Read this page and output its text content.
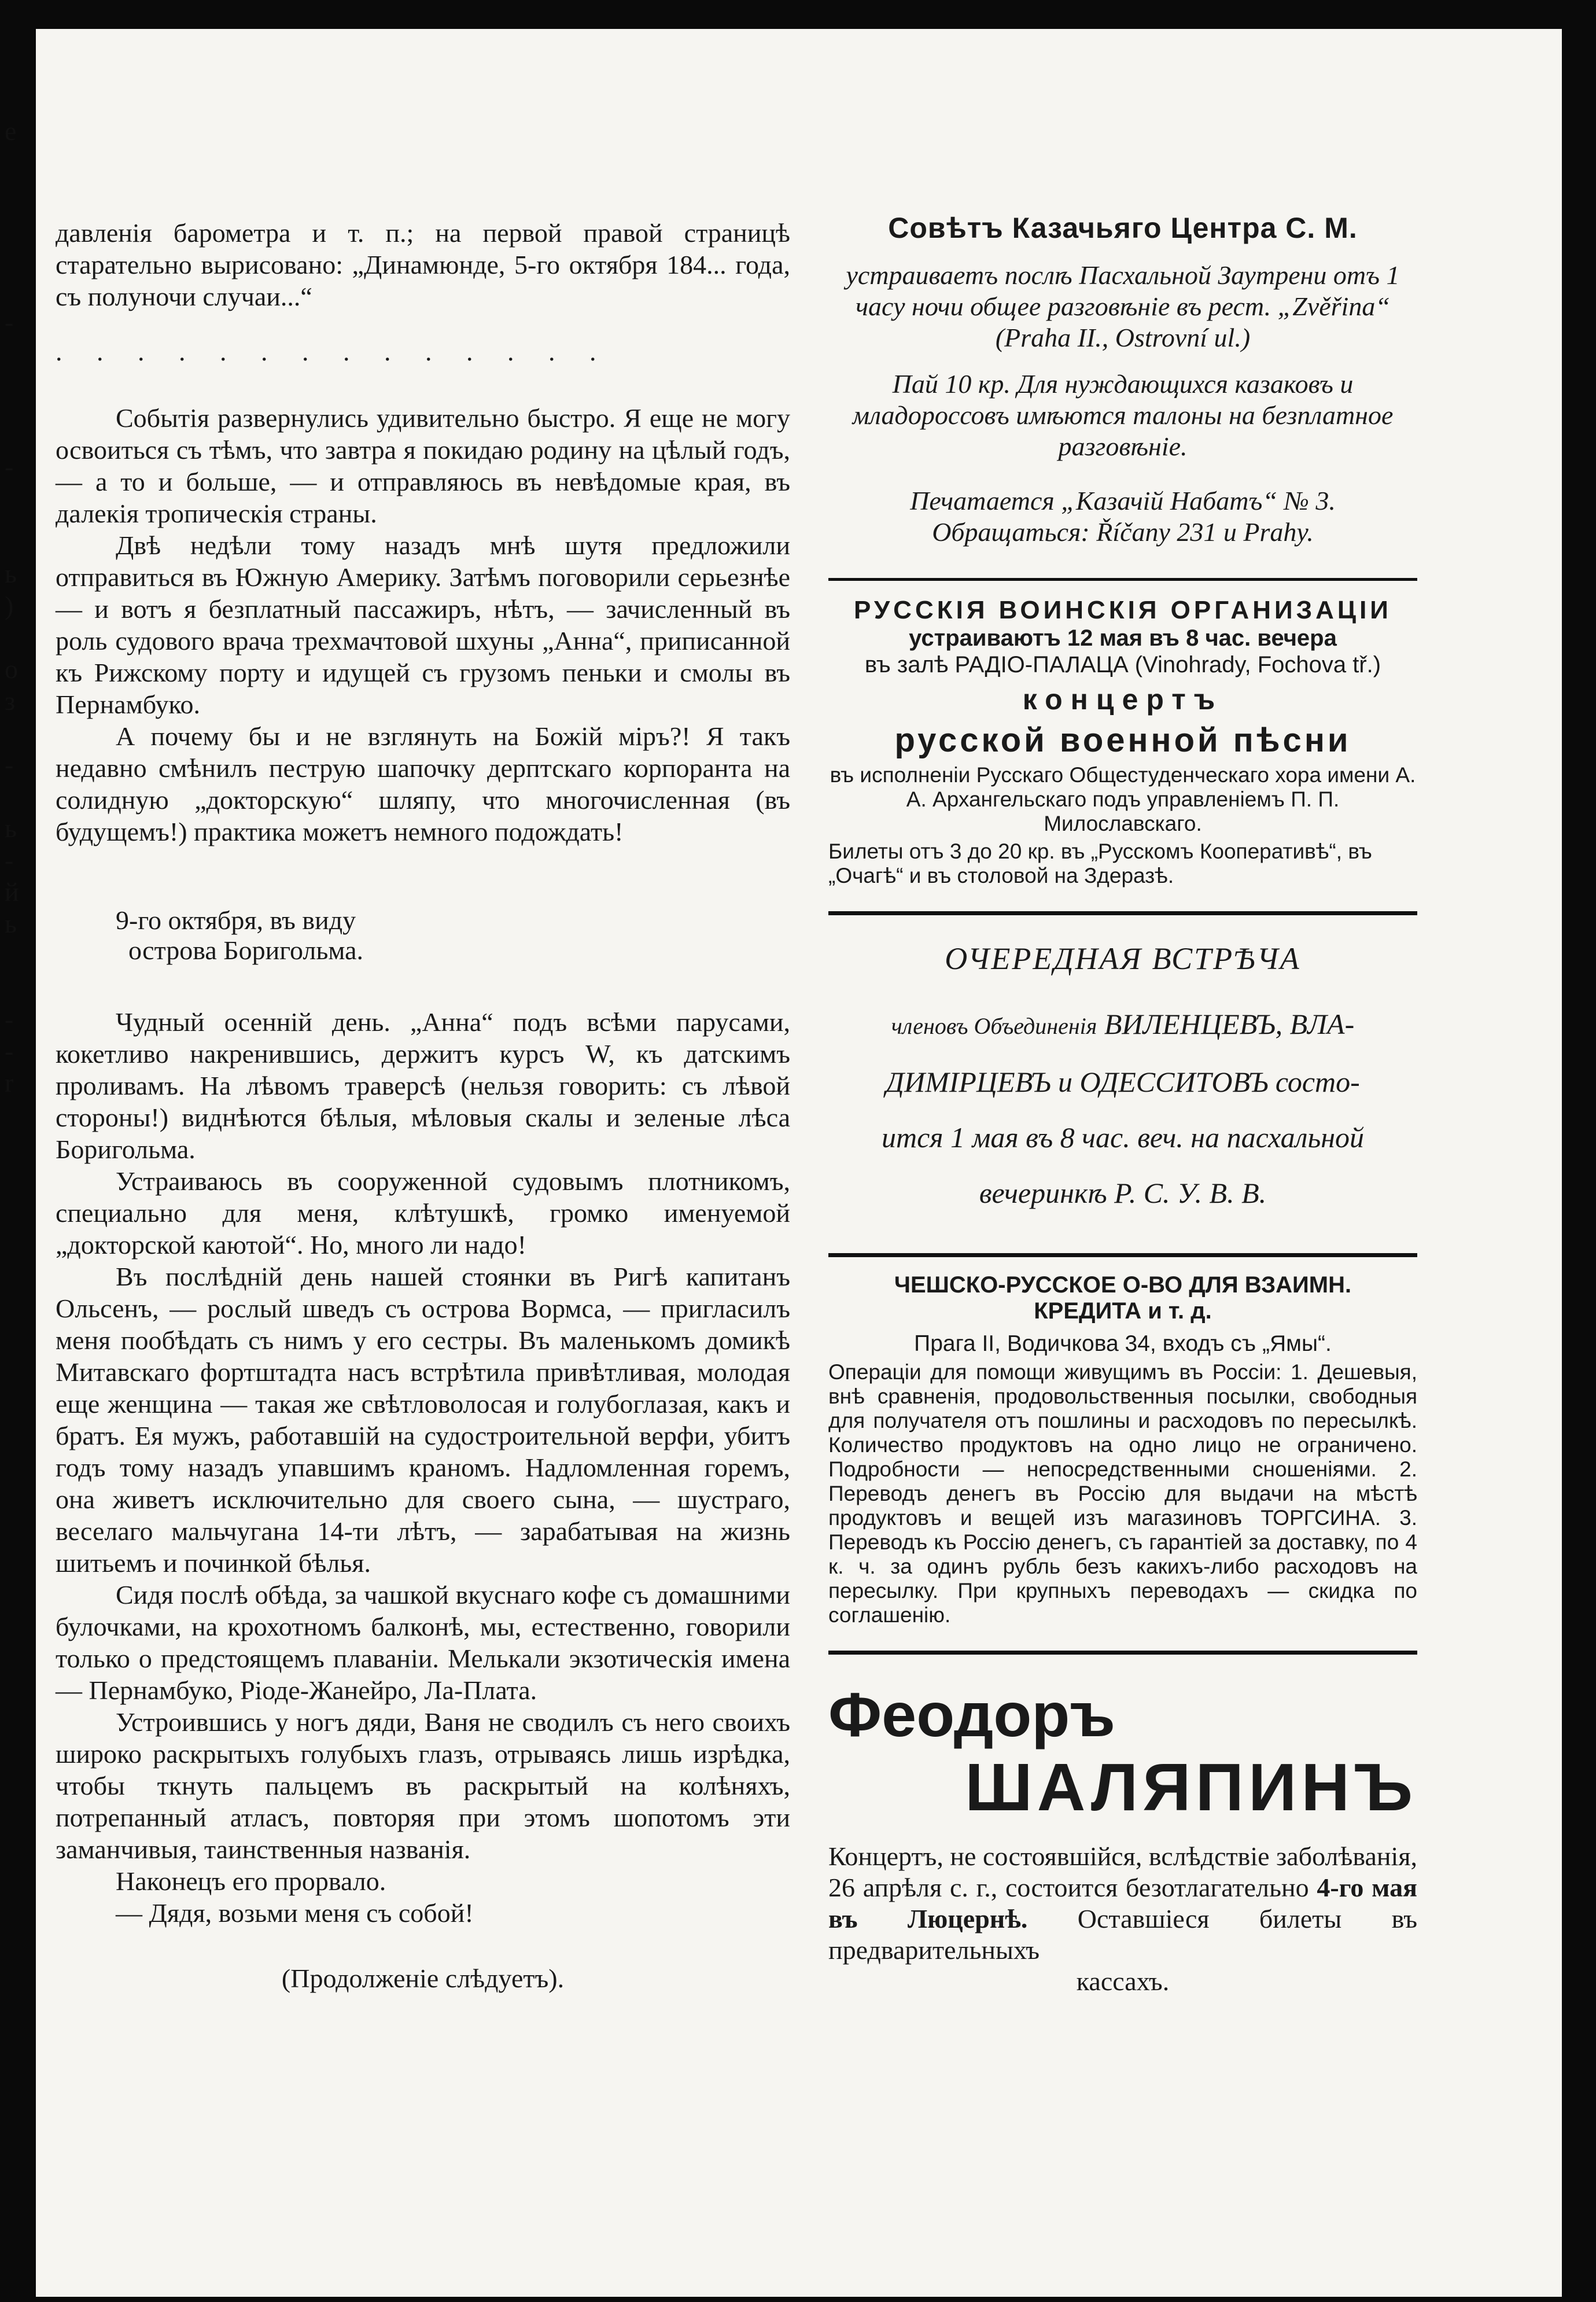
е
-
-
ь
)
о
з
-
ь
-
й
ь
-
-
r

давленія барометра и т. п.; на первой правой страницѣ старательно вырисовано: „Динамюнде, 5-го октября 184... года, съ полуночи случаи...“

. . . . . . . . . . . . . .

Событія развернулись удивительно быстро. Я еще не могу освоиться съ тѣмъ, что завтра я покидаю родину на цѣлый годъ, — а то и больше, — и отправляюсь въ невѣдомые края, въ далекія тропическія страны.

Двѣ недѣли тому назадъ мнѣ шутя предложили отправиться въ Южную Америку. Затѣмъ поговорили серьезнѣе — и вотъ я безплатный пассажиръ, нѣтъ, — зачисленный въ роль судового врача трехмачтовой шхуны „Анна“, приписанной къ Рижскому порту и идущей съ грузомъ пеньки и смолы въ Пернамбуко.

А почему бы и не взглянуть на Божій міръ?! Я такъ недавно смѣнилъ пеструю шапочку дерптскаго корпоранта на солидную „докторскую“ шляпу, что многочисленная (въ будущемъ!) практика можетъ немного подождать!

9-го октября, въ виду

острова Боригольма.

Чудный осенній день. „Анна“ подъ всѣми парусами, кокетливо накренившись, держитъ курсъ W, къ датскимъ проливамъ. На лѣвомъ траверсѣ (нельзя говорить: съ лѣвой стороны!) виднѣются бѣлыя, мѣловыя скалы и зеленые лѣса Боригольма.

Устраиваюсь въ сооруженной судовымъ плотникомъ, специально для меня, клѣтушкѣ, громко именуемой „докторской каютой“. Но, много ли надо!

Въ послѣдній день нашей стоянки въ Ригѣ капитанъ Ольсенъ, — рослый шведъ съ острова Вормса, — пригласилъ меня пообѣдать съ нимъ у его сестры. Въ маленькомъ домикѣ Митавскаго фортштадта насъ встрѣтила привѣтливая, молодая еще женщина — такая же свѣтловолосая и голубоглазая, какъ и братъ. Ея мужъ, работавшій на судостроительной верфи, убитъ годъ тому назадъ упавшимъ краномъ. Надломленная горемъ, она живетъ исключительно для своего сына, — шустраго, веселаго мальчугана 14-ти лѣтъ, — зарабатывая на жизнь шитьемъ и починкой бѣлья.

Сидя послѣ обѣда, за чашкой вкуснаго кофе съ домашними булочками, на крохотномъ балконѣ, мы, естественно, говорили только о предстоящемъ плаваніи. Мелькали экзотическія имена — Пернамбуко, Ріоде-Жанейро, Ла-Плата.

Устроившись у ногъ дяди, Ваня не сводилъ съ него своихъ широко раскрытыхъ голубыхъ глазъ, отрываясь лишь изрѣдка, чтобы ткнуть пальцемъ въ раскрытый на колѣняхъ, потрепанный атласъ, повторяя при этомъ шопотомъ эти заманчивыя, таинственныя названія.

Наконецъ его прорвало.

— Дядя, возьми меня съ собой!

(Продолженіе слѣдуетъ).

Совѣтъ Казачьяго Центра С. М.

устраиваетъ послѣ Пасхальной Заутрени отъ 1 часу ночи общее разговѣніе въ рест. „Zvěřina“ (Praha II., Ostrovní ul.)

Пай 10 кр. Для нуждающихся казаковъ и младороссовъ имѣются талоны на безплатное разговѣніе.

Печатается „Казачій Набатъ“ № 3. Обращаться: Říčany 231 u Prahy.

РУССКІЯ ВОИНСКІЯ ОРГАНИЗАЦІИ

устраиваютъ 12 мая въ 8 час. вечера

въ залѣ РАДІО-ПАЛАЦА (Vinohrady, Fochova tř.)

концертъ

русской военной пѣсни

въ исполненіи Русскаго Общестуденческаго хора имени А. А. Архангельскаго подъ управленіемъ П. П. Милославскаго.

Билеты отъ 3 до 20 кр. въ „Русскомъ Кооперативѣ“, въ „Очагѣ“ и въ столовой на Здеразѣ.

ОЧЕРЕДНАЯ ВСТРѢЧА

членовъ Объединенія ВИЛЕНЦЕВЪ, ВЛА-

ДИМІРЦЕВЪ и ОДЕССИТОВЪ состо-

ится 1 мая въ 8 час. веч. на пасхальной

вечеринкѣ Р. С. У. В. В.

ЧЕШСКО-РУССКОЕ О-ВО ДЛЯ ВЗАИМН.

КРЕДИТА и т. д.

Прага II, Водичкова 34, входъ съ „Ямы“.

Операціи для помощи живущимъ въ Россіи: 1. Дешевыя, внѣ сравненія, продовольственныя посылки, свободныя для получателя отъ пошлины и расходовъ по пересылкѣ. Количество продуктовъ на одно лицо не ограничено. Подробности — непосредственными сношеніями. 2. Переводъ денегъ въ Россію для выдачи на мѣстѣ продуктовъ и вещей изъ магазиновъ ТОРГСИНА. 3. Переводъ къ Россію денегъ, съ гарантіей за доставку, по 4 к. ч. за одинъ рубль безъ какихъ-либо расходовъ на пересылку. При крупныхъ переводахъ — скидка по соглашенію.

Феодоръ

ШАЛЯПИНЪ

Концертъ, не состоявшійся, вслѣдствіе заболѣванія, 26 апрѣля с. г., состоится безотлагательно 4-го мая въ Люцернѣ. Оставшіеся билеты въ предварительныхъ

кассахъ.
